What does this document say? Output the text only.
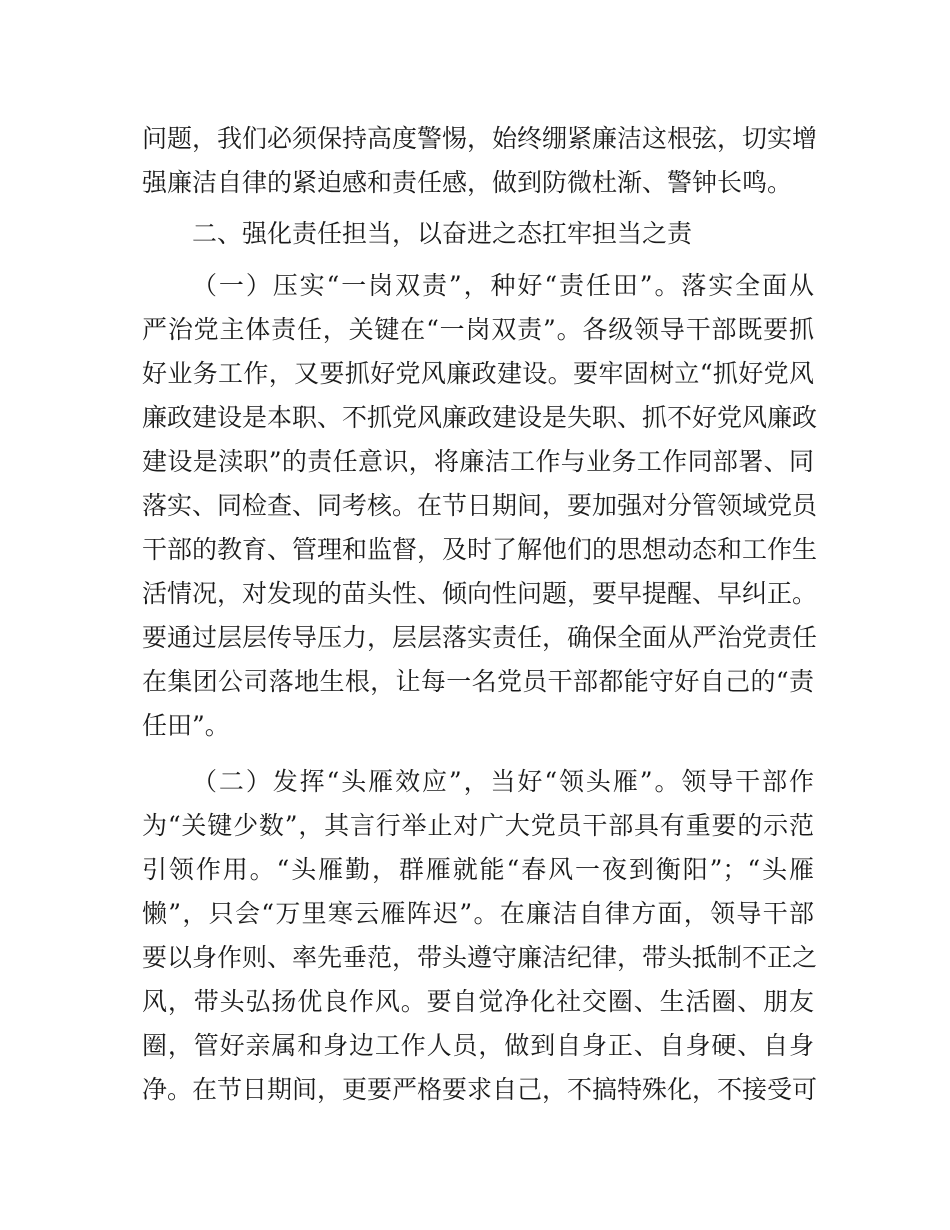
问题，我们必须保持高度警惕，始终绷紧廉洁这根弦，切实增
强廉洁自律的紧迫感和责任感，做到防微杜渐、警钟长鸣。
二、强化责任担当，以奋进之态扛牢担当之责
（一）压实“一岗双责”，种好“责任田”。落实全面从
严治党主体责任，关键在“一岗双责”。各级领导干部既要抓
好业务工作，又要抓好党风廉政建设。要牢固树立“抓好党风
廉政建设是本职、不抓党风廉政建设是失职、抓不好党风廉政
建设是渎职”的责任意识，将廉洁工作与业务工作同部署、同
落实、同检查、同考核。在节日期间，要加强对分管领域党员
干部的教育、管理和监督，及时了解他们的思想动态和工作生
活情况，对发现的苗头性、倾向性问题，要早提醒、早纠正。
要通过层层传导压力，层层落实责任，确保全面从严治党责任
在集团公司落地生根，让每一名党员干部都能守好自己的“责
任田”。
（二）发挥“头雁效应”，当好“领头雁”。领导干部作
为“关键少数”，其言行举止对广大党员干部具有重要的示范
引领作用。“头雁勤，群雁就能“春风一夜到衡阳”；“头雁
懒”，只会“万里寒云雁阵迟”。在廉洁自律方面，领导干部
要以身作则、率先垂范，带头遵守廉洁纪律，带头抵制不正之
风，带头弘扬优良作风。要自觉净化社交圈、生活圈、朋友
圈，管好亲属和身边工作人员，做到自身正、自身硬、自身
净。在节日期间，更要严格要求自己，不搞特殊化，不接受可
